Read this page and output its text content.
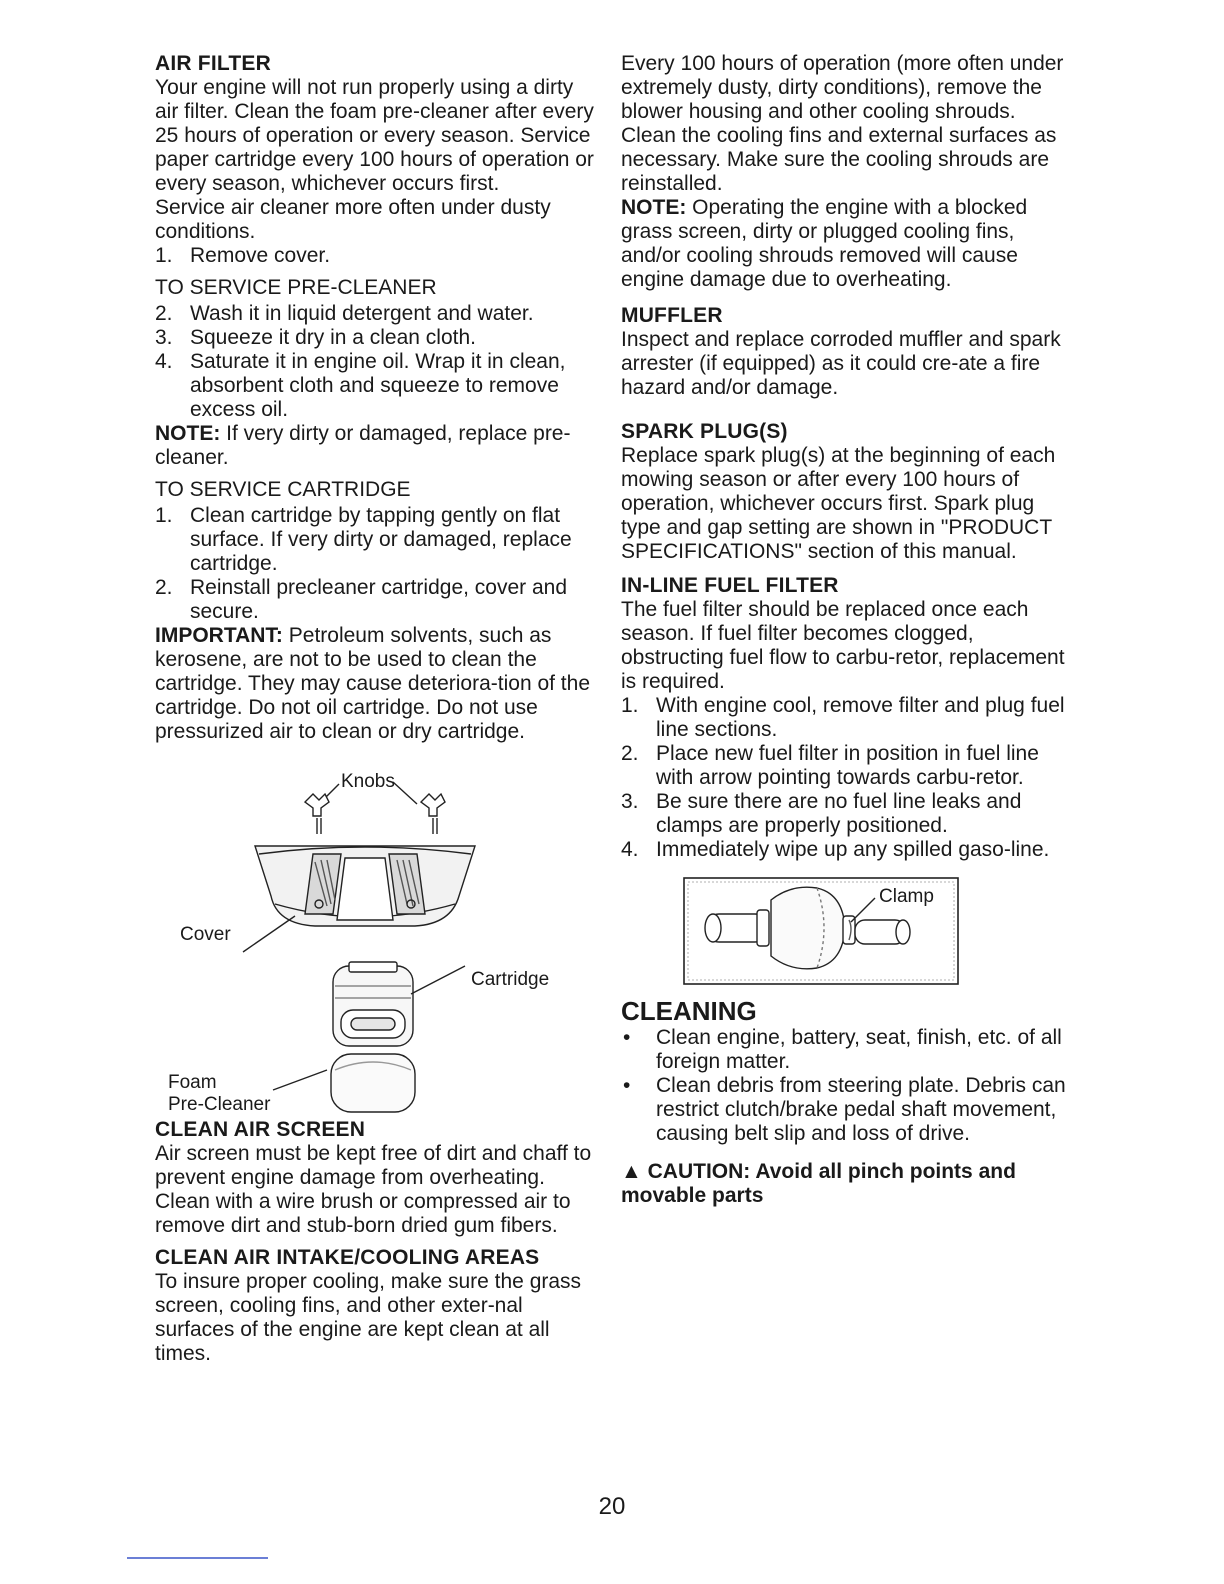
AIR FILTER

Your engine will not run properly using a dirty air filter. Clean the foam pre-cleaner after every 25 hours of operation or every season. Service paper cartridge every 100 hours of operation or every season, whichever occurs first.

Service air cleaner more often under dusty conditions.

1. Remove cover.

TO SERVICE PRE-CLEANER

2. Wash it in liquid detergent and water.
3. Squeeze it dry in a clean cloth.
4. Saturate it in engine oil. Wrap it in clean, absorbent cloth and squeeze to remove excess oil.

NOTE: If very dirty or damaged, replace pre-cleaner.

TO SERVICE CARTRIDGE

1. Clean cartridge by tapping gently on flat surface. If very dirty or damaged, replace cartridge.
2. Reinstall precleaner cartridge, cover and secure.

IMPORTANT: Petroleum solvents, such as kerosene, are not to be used to clean the cartridge. They may cause deteriora-tion of the cartridge. Do not oil cartridge. Do not use pressurized air to clean or dry cartridge.

Knobs
Cover
Cartridge
Foam
Pre-Cleaner

CLEAN AIR SCREEN

Air screen must be kept free of dirt and chaff to prevent engine damage from overheating. Clean with a wire brush or compressed air to remove dirt and stub-born dried gum fibers.

CLEAN AIR INTAKE/COOLING AREAS

To insure proper cooling, make sure the grass screen, cooling fins, and other exter-nal surfaces of the engine are kept clean at all times.

Every 100 hours of operation (more often under extremely dusty, dirty conditions), remove the blower housing and other cooling shrouds. Clean the cooling fins and external surfaces as necessary. Make sure the cooling shrouds are reinstalled.

NOTE: Operating the engine with a blocked grass screen, dirty or plugged cooling fins, and/or cooling shrouds removed will cause engine damage due to overheating.

MUFFLER

Inspect and replace corroded muffler and spark arrester (if equipped) as it could cre-ate a fire hazard and/or damage.

SPARK PLUG(S)

Replace spark plug(s) at the beginning of each mowing season or after every 100 hours of operation, whichever occurs first. Spark plug type and gap setting are shown in "PRODUCT SPECIFICATIONS" section of this manual.

IN-LINE FUEL FILTER

The fuel filter should be replaced once each season. If fuel filter becomes clogged, obstructing fuel flow to carbu-retor, replacement is required.

1. With engine cool, remove filter and plug fuel line sections.
2. Place new fuel filter in position in fuel line with arrow pointing towards carbu-retor.
3. Be sure there are no fuel line leaks and clamps are properly positioned.
4. Immediately wipe up any spilled gaso-line.
Clamp

CLEANING

• Clean engine, battery, seat, finish, etc. of all foreign matter.
• Clean debris from steering plate. Debris can restrict clutch/brake pedal shaft movement, causing belt slip and loss of drive.

▲ CAUTION: Avoid all pinch points and movable parts

20
